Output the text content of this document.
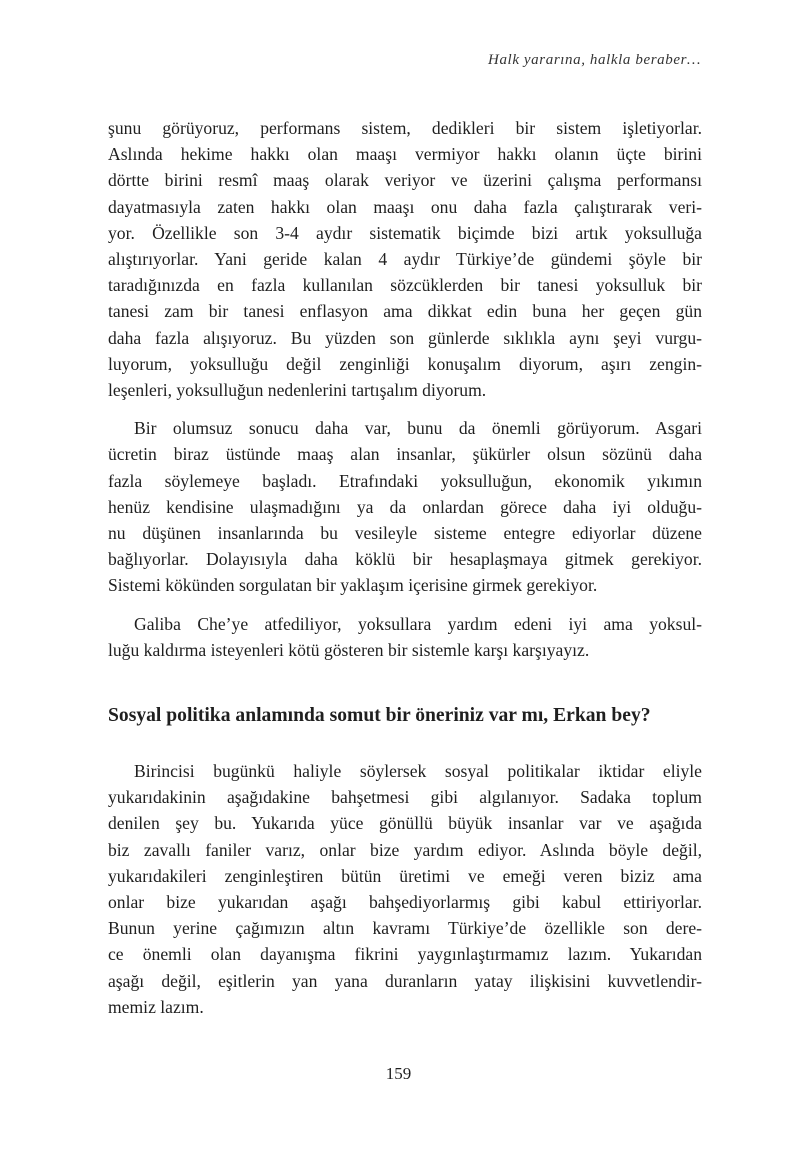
Halk yararına, halkla beraber…

şunu görüyoruz, performans sistem, dedikleri bir sistem işletiyorlar.
Aslında hekime hakkı olan maaşı vermiyor hakkı olanın üçte birini
dörtte birini resmî maaş olarak veriyor ve üzerini çalışma performansı
dayatmasıyla zaten hakkı olan maaşı onu daha fazla çalıştırarak veri-
yor. Özellikle son 3-4 aydır sistematik biçimde bizi artık yoksulluğa
alıştırıyorlar. Yani geride kalan 4 aydır Türkiye’de gündemi şöyle bir
taradığınızda en fazla kullanılan sözcüklerden bir tanesi yoksulluk bir
tanesi zam bir tanesi enflasyon ama dikkat edin buna her geçen gün
daha fazla alışıyoruz. Bu yüzden son günlerde sıklıkla aynı şeyi vurgu-
luyorum, yoksulluğu değil zenginliği konuşalım diyorum, aşırı zengin-
leşenleri, yoksulluğun nedenlerini tartışalım diyorum.

Bir olumsuz sonucu daha var, bunu da önemli görüyorum. Asgari
ücretin biraz üstünde maaş alan insanlar, şükürler olsun sözünü daha
fazla söylemeye başladı. Etrafındaki yoksulluğun, ekonomik yıkımın
henüz kendisine ulaşmadığını ya da onlardan görece daha iyi olduğu-
nu düşünen insanlarında bu vesileyle sisteme entegre ediyorlar düzene
bağlıyorlar. Dolayısıyla daha köklü bir hesaplaşmaya gitmek gerekiyor.
Sistemi kökünden sorgulatan bir yaklaşım içerisine girmek gerekiyor.

Galiba Che’ye atfediliyor, yoksullara yardım edeni iyi ama yoksul-
luğu kaldırma isteyenleri kötü gösteren bir sistemle karşı karşıyayız.

Sosyal politika anlamında somut bir öneriniz var mı, Erkan bey?

Birincisi bugünkü haliyle söylersek sosyal politikalar iktidar eliyle
yukarıdakinin aşağıdakine bahşetmesi gibi algılanıyor. Sadaka toplum
denilen şey bu. Yukarıda yüce gönüllü büyük insanlar var ve aşağıda
biz zavallı faniler varız, onlar bize yardım ediyor. Aslında böyle değil,
yukarıdakileri zenginleştiren bütün üretimi ve emeği veren biziz ama
onlar bize yukarıdan aşağı bahşediyorlarmış gibi kabul ettiriyorlar.
Bunun yerine çağımızın altın kavramı Türkiye’de özellikle son dere-
ce önemli olan dayanışma fikrini yaygınlaştırmamız lazım. Yukarıdan
aşağı değil, eşitlerin yan yana duranların yatay ilişkisini kuvvetlendir-
memiz lazım.

159
